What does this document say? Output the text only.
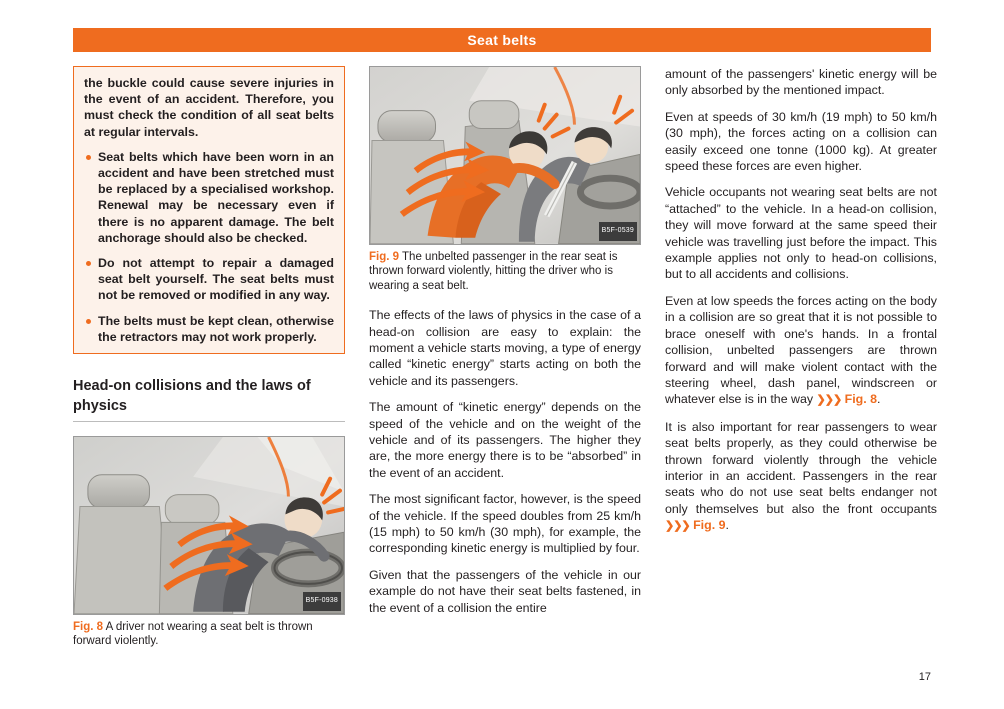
Seat belts

the buckle could cause severe injuries in the event of an accident. Therefore, you must check the condition of all seat belts at regular intervals.

Seat belts which have been worn in an accident and have been stretched must be replaced by a specialised workshop. Renewal may be necessary even if there is no apparent damage. The belt anchorage should also be checked.

Do not attempt to repair a damaged seat belt yourself. The seat belts must not be removed or modified in any way.

The belts must be kept clean, otherwise the retractors may not work properly.

Head-on collisions and the laws of physics
B5F-0938
Fig. 8 A driver not wearing a seat belt is thrown forward violently.
B5F-0539
Fig. 9 The unbelted passenger in the rear seat is thrown forward violently, hitting the driver who is wearing a seat belt.

The effects of the laws of physics in the case of a head-on collision are easy to explain: the moment a vehicle starts moving, a type of energy called “kinetic energy” starts acting on both the vehicle and its passengers.

The amount of “kinetic energy” depends on the speed of the vehicle and on the weight of the vehicle and of its passengers. The higher they are, the more energy there is to be “absorbed” in the event of an accident.

The most significant factor, however, is the speed of the vehicle. If the speed doubles from 25 km/h (15 mph) to 50 km/h (30 mph), for example, the corresponding kinetic energy is multiplied by four.

Given that the passengers of the vehicle in our example do not have their seat belts fastened, in the event of a collision the entire

amount of the passengers' kinetic energy will be only absorbed by the mentioned impact.

Even at speeds of 30 km/h (19 mph) to 50 km/h (30 mph), the forces acting on a collision can easily exceed one tonne (1000 kg). At greater speed these forces are even higher.

Vehicle occupants not wearing seat belts are not “attached” to the vehicle. In a head-on collision, they will move forward at the same speed their vehicle was travelling just before the impact. This example applies not only to head-on collisions, but to all accidents and collisions.

Even at low speeds the forces acting on the body in a collision are so great that it is not possible to brace oneself with one's hands. In a frontal collision, unbelted passengers are thrown forward and will make violent contact with the steering wheel, dash panel, windscreen or whatever else is in the way ❯❯❯ Fig. 8.

It is also important for rear passengers to wear seat belts properly, as they could otherwise be thrown forward violently through the vehicle interior in an accident. Passengers in the rear seats who do not use seat belts endanger not only themselves but also the front occupants ❯❯❯ Fig. 9.

17
